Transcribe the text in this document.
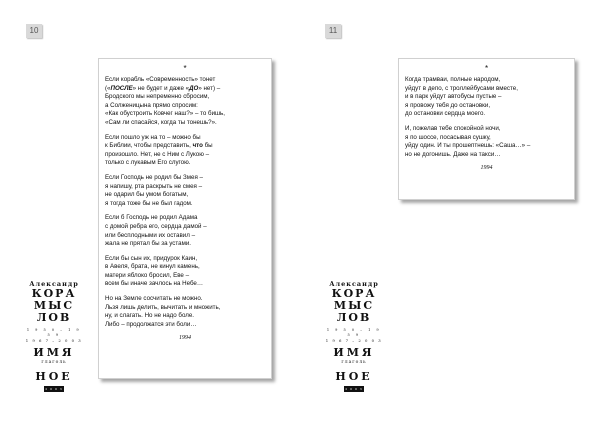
10	11
Александр
КОРА
МЫС
ЛОВ
1 9 5 0 – 1 9 5 9
1 9 6 7 – 2 0 0 3
ИМЯ
глаголь
НОЕ
2 0 0 3
Александр
КОРА
МЫС
ЛОВ
1 9 5 0 – 1 9 5 9
1 9 6 7 – 2 0 0 3
ИМЯ
глаголь
НОЕ
2 0 0 3
*
Если корабль «Современность» тонет
(«ПОСЛЕ» не будет и даже «ДО» нет) –
Бродского мы непременно сбросим,
а Солженицына прямо спросим:
«Как обустроить Ковчег наш?» – то бишь,
«Сам ли спасайся, когда ты тонешь?».
Если пошло уж на то – можно бы
к Библии, чтобы представить, что бы
произошло. Нет, не с Ним с Лукою –
только с лукавым Его слугою.
Если Господь не родил бы Змея –
я напишу, рта раскрыть не смея –
не одарил бы умом богатым,
я тогда тоже бы не был гадом.
Если б Господь не родил Адама
с домой ребра его, сердца дамой –
или бесплодными их оставил –
жала не прятал бы за устами.
Если бы сын их, придурок Каин,
в Авеля, брата, не кинул камень,
матери яблоко бросил, Еве –
всем бы иначе зачлось на Небе…
Но на Земле сосчитать не можно.
Льзя лишь делить, вычитать и множить,
ну, и слагать. Но не надо боле.
Либо – продолжатся эти боли…
1994
*
Когда трамваи, полные народом,
уйдут в депо, с троллейбусами вместе,
и в парк уйдут автобусы пустые –
я провожу тебя до остановки,
до остановки сердца моего.
И, пожелав тебе спокойной ночи,
я по шоссе, посасывая сушку,
уйду один. И ты прошептнешь: «Саша…» –
но не догонишь. Даже на такси…
1994
